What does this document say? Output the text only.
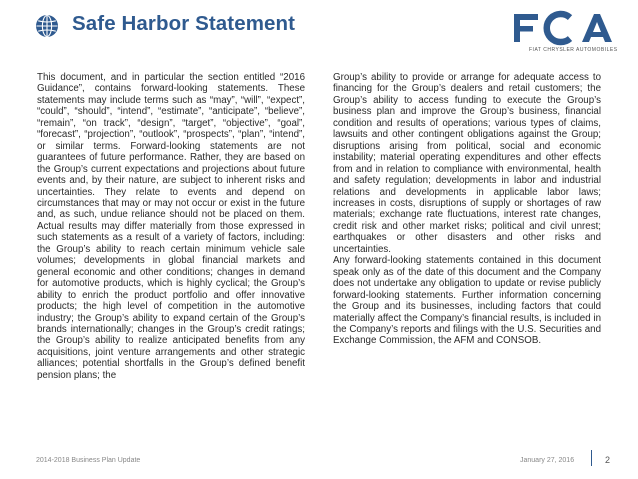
Safe Harbor Statement
FIAT CHRYSLER AUTOMOBILES

This document, and in particular the section entitled “2016 Guidance”, contains forward-looking statements. These statements may include terms such as “may”, “will”, “expect”, “could”, “should”, “intend”, “estimate”, “anticipate”, “believe”, “remain”, “on track”, “design”, “target”, “objective”, “goal”, “forecast”, “projection”, “outlook”, “prospects”, “plan”, “intend”, or similar terms. Forward-looking statements are not guarantees of future performance. Rather, they are based on the Group’s current expectations and projections about future events and, by their nature, are subject to inherent risks and uncertainties. They relate to events and depend on circumstances that may or may not occur or exist in the future and, as such, undue reliance should not be placed on them. Actual results may differ materially from those expressed in such statements as a result of a variety of factors, including: the Group’s ability to reach certain minimum vehicle sale volumes; developments in global financial markets and general economic and other conditions; changes in demand for automotive products, which is highly cyclical; the Group’s ability to enrich the product portfolio and offer innovative products; the high level of competition in the automotive industry; the Group’s ability to expand certain of the Group’s brands internationally; changes in the Group’s credit ratings; the Group’s ability to realize anticipated benefits from any acquisitions, joint venture arrangements and other strategic alliances; potential shortfalls in the Group’s defined benefit pension plans; the

Group’s ability to provide or arrange for adequate access to financing for the Group’s dealers and retail customers; the Group’s ability to access funding to execute the Group’s business plan and improve the Group’s business, financial condition and results of operations; various types of claims, lawsuits and other contingent obligations against the Group; disruptions arising from political, social and economic instability; material operating expenditures and other effects from and in relation to compliance with environmental, health and safety regulation; developments in labor and industrial relations and developments in applicable labor laws; increases in costs, disruptions of supply or shortages of raw materials; exchange rate fluctuations, interest rate changes, credit risk and other market risks; political and civil unrest; earthquakes or other disasters and other risks and uncertainties.

Any forward-looking statements contained in this document speak only as of the date of this document and the Company does not undertake any obligation to update or revise publicly forward-looking statements. Further information concerning the Group and its businesses, including factors that could materially affect the Company’s financial results, is included in the Company’s reports and filings with the U.S. Securities and Exchange Commission, the AFM and CONSOB.

2014-2018 Business Plan Update	January 27, 2016	2
